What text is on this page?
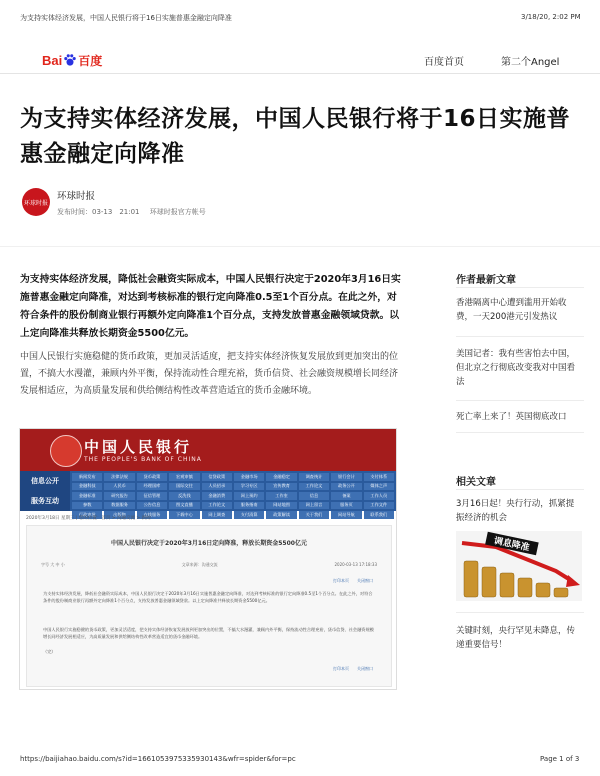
为支持实体经济发展，中国人民银行将于16日实施普惠金融定向降准	3/18/20, 2:02 PM
Bai 百度	百度首页	第二个Angel
为支持实体经济发展，中国人民银行将于16日实施普惠金融定向降准
环球时报
环球时报
发布时间：03-13　21:01 环球时报官方帐号
为支持实体经济发展，降低社会融资实际成本，中国人民银行决定于2020年3月16日实施普惠金融定向降准，对达到考核标准的银行定向降准0.5至1个百分点。在此之外，对符合条件的股份制商业银行再额外定向降准1个百分点，支持发放普惠金融领域贷款。以上定向降准共释放长期资金5500亿元。
中国人民银行实施稳健的货币政策，更加灵活适度，把支持实体经济恢复发展放到更加突出的位置，不搞大水漫灌，兼顾内外平衡，保持流动性合理充裕，货币信贷、社会融资规模增长同经济发展相适应，为高质量发展和供给侧结构性改革营造适宜的货币金融环境。
中国人民银行
THE PEOPLE'S BANK OF CHINA
信息公开
服务互动
新闻发布	法律法规	货币政策	宏观审慎	信贷政策	金融市场	金融稳定	调查统计	银行会计	支付体系
金融科技	人民币	经理国库	国际交往	人员招录	学习专区	宣传教育	工作论文	政务公开	媒体之声
金融标准	研究报告	征信管理	反洗钱	金融消费	网上预约	工作室	信息	备案	工作人员
参数	数据服务	公告信息	图文直播	工作论文	服务指南	网站地图	网上留言	服务页	工作文件
行政审批	出版物	在线服务	下载中心	网上调查	支付清算	政策解读	关于我们	网站导航	联系我们
2020年3月18日 星期三 | 您的位置：首页 > 沟通交流 > 新闻
中国人民银行决定于2020年3月16日定向降准，释放长期资金5500亿元
字号 大 中 小	文章来源：沟通交流	2020-03-13 17:18:33
打印本页　　关闭窗口
为支持实体经济发展，降低社会融资实际成本，中国人民银行决定于2020年3月16日实施普惠金融定向降准，对达到考核标准的银行定向降准0.5至1个百分点。在此之外，对符合条件的股份制商业银行再额外定向降准1个百分点，支持发放普惠金融领域贷款。以上定向降准共释放长期资金5500亿元。
中国人民银行实施稳健的货币政策，更加灵活适度，把支持实体经济恢复发展放到更加突出的位置，不搞大水漫灌，兼顾内外平衡，保持流动性合理充裕，货币信贷、社会融资规模增长同经济发展相适应，为高质量发展和供给侧结构性改革营造适宜的货币金融环境。
（完）
打印本页　　关闭窗口
作者最新文章
香港隔离中心遭到滥用开始收费，一天200港元引发热议
美国记者：我有些害怕去中国，但北京之行彻底改变我对中国看法
死亡率上来了！英国彻底改口
相关文章
3月16日起！央行行动，抓紧提振经济的机会
调息降准
关键时刻，央行罕见未降息，传递重要信号！
https://baijiahao.baidu.com/s?id=1661053975335930143&wfr=spider&for=pc	Page 1 of 3
